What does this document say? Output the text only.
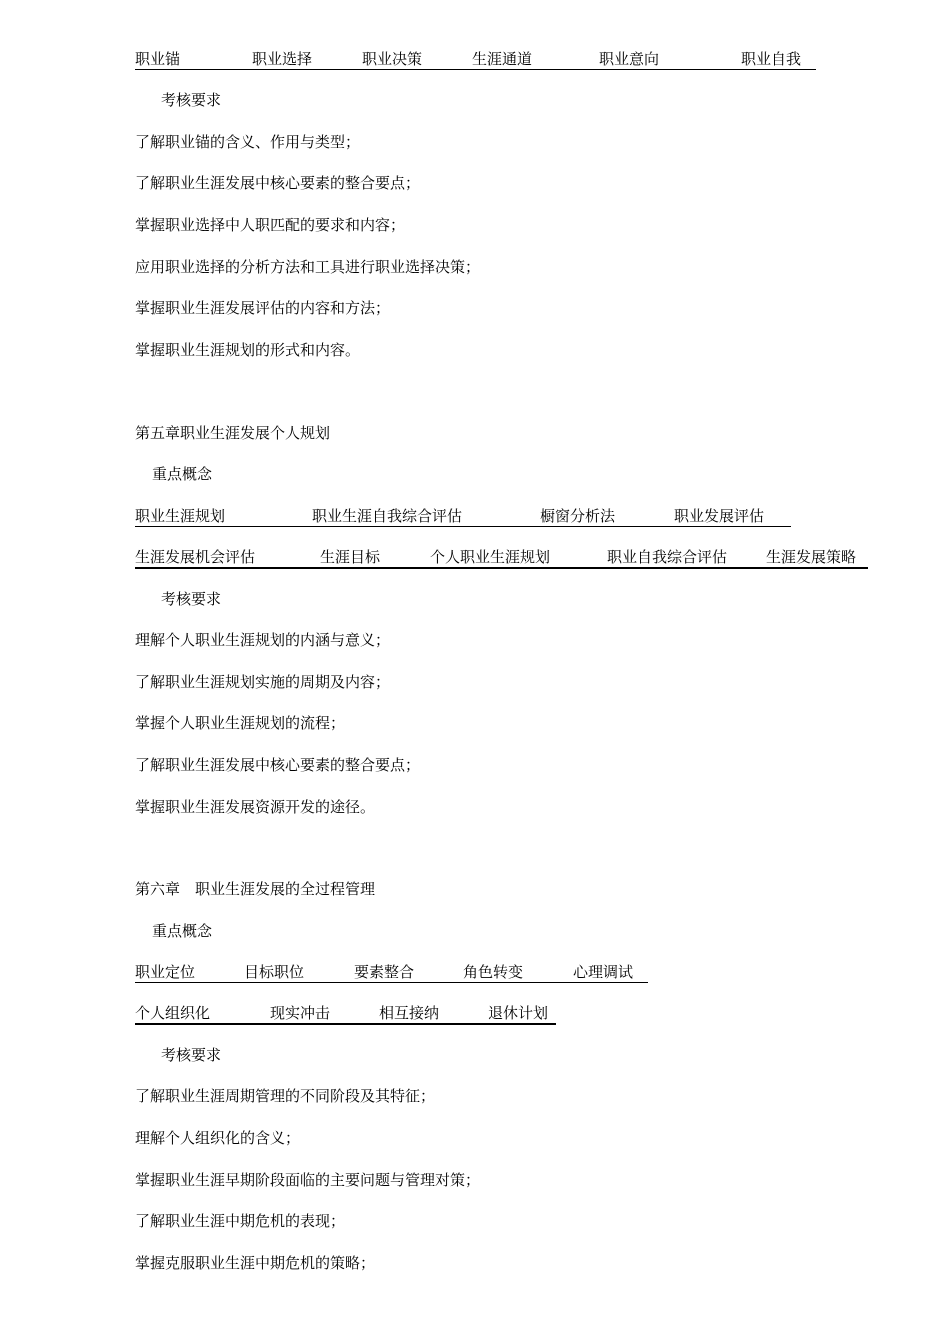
职业锚	职业选择	职业决策	生涯通道	职业意向	职业自我
考核要求
了解职业锚的含义、作用与类型；
了解职业生涯发展中核心要素的整合要点；
掌握职业选择中人职匹配的要求和内容；
应用职业选择的分析方法和工具进行职业选择决策；
掌握职业生涯发展评估的内容和方法；
掌握职业生涯规划的形式和内容。
第五章职业生涯发展个人规划
重点概念
职业生涯规划	职业生涯自我综合评估	橱窗分析法	职业发展评估
生涯发展机会评估	生涯目标	个人职业生涯规划	职业自我综合评估	生涯发展策略
考核要求
理解个人职业生涯规划的内涵与意义；
了解职业生涯规划实施的周期及内容；
掌握个人职业生涯规划的流程；
了解职业生涯发展中核心要素的整合要点；
掌握职业生涯发展资源开发的途径。
第六章　职业生涯发展的全过程管理
重点概念
职业定位	目标职位	要素整合	角色转变	心理调试
个人组织化	现实冲击	相互接纳	退休计划
考核要求
了解职业生涯周期管理的不同阶段及其特征；
理解个人组织化的含义；
掌握职业生涯早期阶段面临的主要问题与管理对策；
了解职业生涯中期危机的表现；
掌握克服职业生涯中期危机的策略；
